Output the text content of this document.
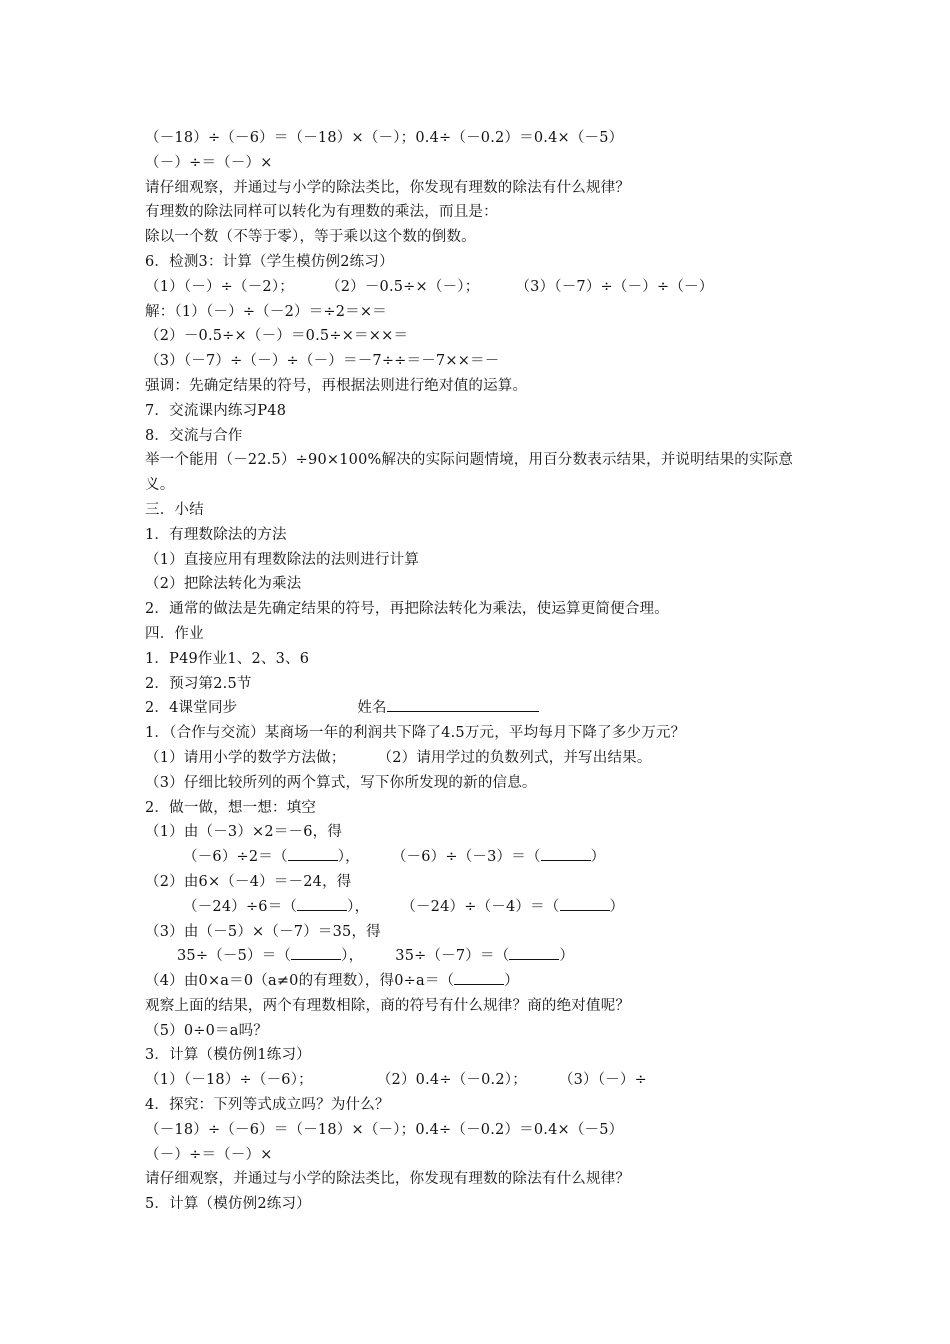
（－18）÷（－6）＝（－18）×（－）；0.4÷（－0.2）＝0.4×（－5）
（－）÷＝（－）×
请仔细观察，并通过与小学的除法类比，你发现有理数的除法有什么规律？
有理数的除法同样可以转化为有理数的乘法，而且是：
除以一个数（不等于零），等于乘以这个数的倒数。
6．检测3：计算（学生模仿例2练习）
（1）（－）÷（－2）； （2）－0.5÷×（－）； （3）（－7）÷（－）÷（－）
解：（1）（－）÷（－2）＝÷2＝×＝
（2）－0.5÷×（－）＝0.5÷×＝××＝
（3）（－7）÷（－）÷（－）＝－7÷÷＝－7××＝－
强调：先确定结果的符号，再根据法则进行绝对值的运算。
7．交流课内练习P48
8．交流与合作
举一个能用（－22.5）÷90×100%解决的实际问题情境，用百分数表示结果，并说明结果的实际意义。
三．小结
1．有理数除法的方法
（1）直接应用有理数除法的法则进行计算
（2）把除法转化为乘法
2．通常的做法是先确定结果的符号，再把除法转化为乘法，使运算更简便合理。
四．作业
1．P49作业1、2、3、6
2．预习第2.5节
2．4课堂同步	姓名
1．（合作与交流）某商场一年的利润共下降了4.5万元，平均每月下降了多少万元？
（1）请用小学的数学方法做； （2）请用学过的负数列式，并写出结果。
（3）仔细比较所列的两个算式，写下你所发现的新的信息。
2．做一做，想一想：填空
（1）由（－3）×2＝－6，得
（－6）÷2＝（	）， （－6）÷（－3）＝（	）
（2）由6×（－4）＝－24，得
（－24）÷6＝（	）， （－24）÷（－4）＝（	）
（3）由（－5）×（－7）＝35，得
35÷（－5）＝（	）， 35÷（－7）＝（	）
（4）由0×a＝0（a≠0的有理数），得0÷a＝（	）
观察上面的结果，两个有理数相除，商的符号有什么规律？商的绝对值呢？
（5）0÷0＝a吗？
3．计算（模仿例1练习）
（1）（－18）÷（－6）；	（2）0.4÷（－0.2）； （3）（－）÷
4．探究：下列等式成立吗？为什么？
（－18）÷（－6）＝（－18）×（－）；0.4÷（－0.2）＝0.4×（－5）
（－）÷＝（－）×
请仔细观察，并通过与小学的除法类比，你发现有理数的除法有什么规律？
5．计算（模仿例2练习）
